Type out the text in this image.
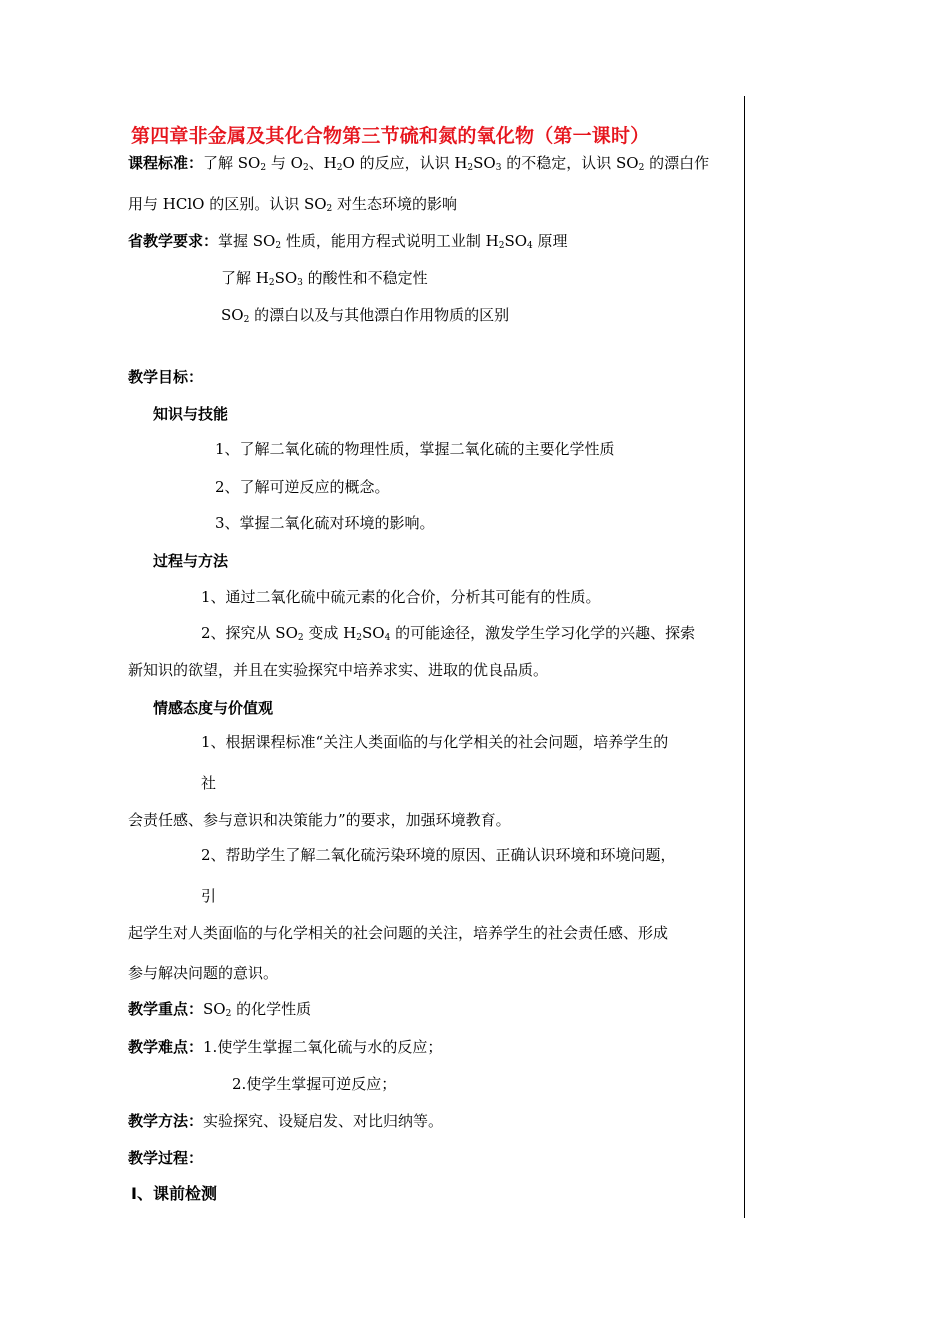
第四章非金属及其化合物第三节硫和氮的氧化物（第一课时）
课程标准：了解 $SO_2$ 与 $O_2$、$H_2O$ 的反应，认识 $H_2SO_3$ 的不稳定，认识 $SO_2$ 的漂白作
用与 HClO 的区别。认识 $SO_2$ 对生态环境的影响
省教学要求：掌握 $SO_2$ 性质，能用方程式说明工业制 $H_2SO_4$ 原理
了解 $H_2SO_3$ 的酸性和不稳定性
$SO_2$ 的漂白以及与其他漂白作用物质的区别
教学目标：
知识与技能
1、了解二氧化硫的物理性质，掌握二氧化硫的主要化学性质
2、了解可逆反应的概念。
3、掌握二氧化硫对环境的影响。
过程与方法
1、通过二氧化硫中硫元素的化合价，分析其可能有的性质。
2、探究从 $SO_2$ 变成 $H_2SO_4$ 的可能途径，激发学生学习化学的兴趣、探索
新知识的欲望，并且在实验探究中培养求实、进取的优良品质。
情感态度与价值观
1、根据课程标准“关注人类面临的与化学相关的社会问题，培养学生的
社
会责任感、参与意识和决策能力”的要求，加强环境教育。
2、帮助学生了解二氧化硫污染环境的原因、正确认识环境和环境问题，
引
起学生对人类面临的与化学相关的社会问题的关注，培养学生的社会责任感、形成
参与解决问题的意识。
教学重点：$SO_2$ 的化学性质
教学难点：1.使学生掌握二氧化硫与水的反应；
2.使学生掌握可逆反应；
教学方法：实验探究、设疑启发、对比归纳等。
教学过程：
Ⅰ、课前检测
